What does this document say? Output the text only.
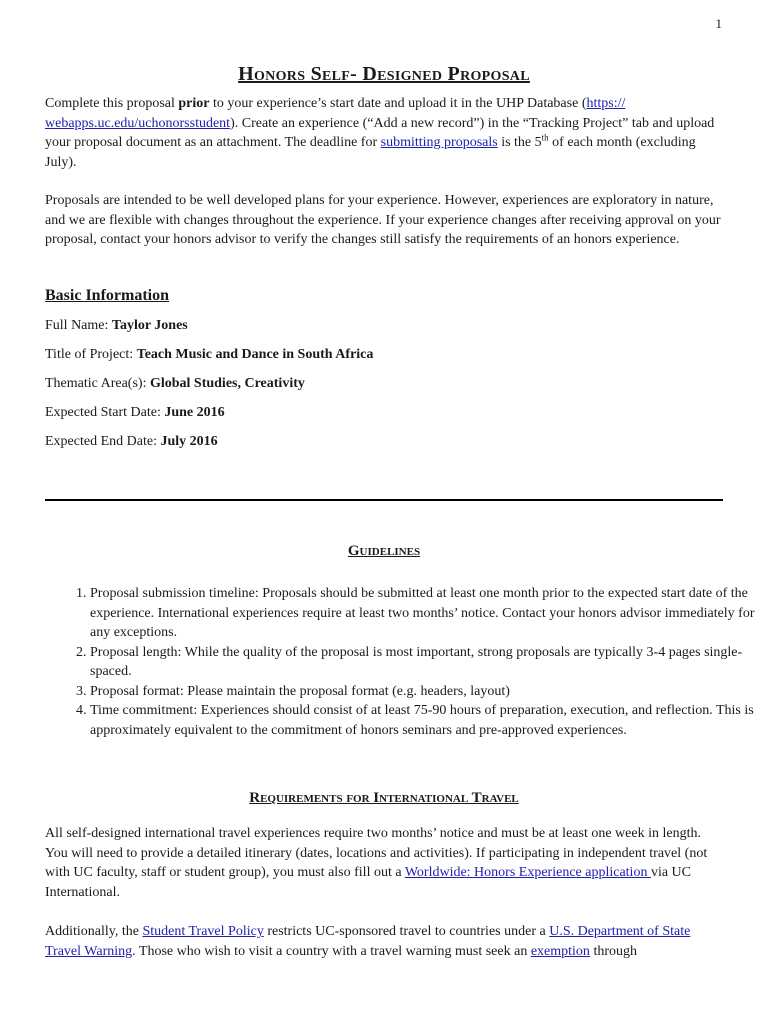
1
Honors Self- Designed Proposal

Complete this proposal prior to your experience’s start date and upload it in the UHP Database (https:// webapps.uc.edu/uchonorsstudent). Create an experience (“Add a new record”) in the “Tracking Project” tab and upload your proposal document as an attachment. The deadline for submitting proposals is the 5th of each month (excluding July).

Proposals are intended to be well developed plans for your experience. However, experiences are exploratory in nature, and we are flexible with changes throughout the experience. If your experience changes after receiving approval on your proposal, contact your honors advisor to verify the changes still satisfy the requirements of an honors experience.

Basic Information
Full Name: Taylor Jones
Title of Project: Teach Music and Dance in South Africa
Thematic Area(s): Global Studies, Creativity
Expected Start Date: June 2016
Expected End Date: July 2016
Guidelines
1. Proposal submission timeline: Proposals should be submitted at least one month prior to the expected start date of the experience. International experiences require at least two months’ notice. Contact your honors advisor immediately for any exceptions.
2. Proposal length: While the quality of the proposal is most important, strong proposals are typically 3-4 pages single-spaced.
3. Proposal format: Please maintain the proposal format (e.g. headers, layout)
4. Time commitment: Experiences should consist of at least 75-90 hours of preparation, execution, and reflection. This is approximately equivalent to the commitment of honors seminars and pre-approved experiences.
Requirements for International Travel

All self-designed international travel experiences require two months’ notice and must be at least one week in length. You will need to provide a detailed itinerary (dates, locations and activities). If participating in independent travel (not with UC faculty, staff or student group), you must also fill out a Worldwide: Honors Experience application via UC International.

Additionally, the Student Travel Policy restricts UC-sponsored travel to countries under a U.S. Department of State Travel Warning. Those who wish to visit a country with a travel warning must seek an exemption through
